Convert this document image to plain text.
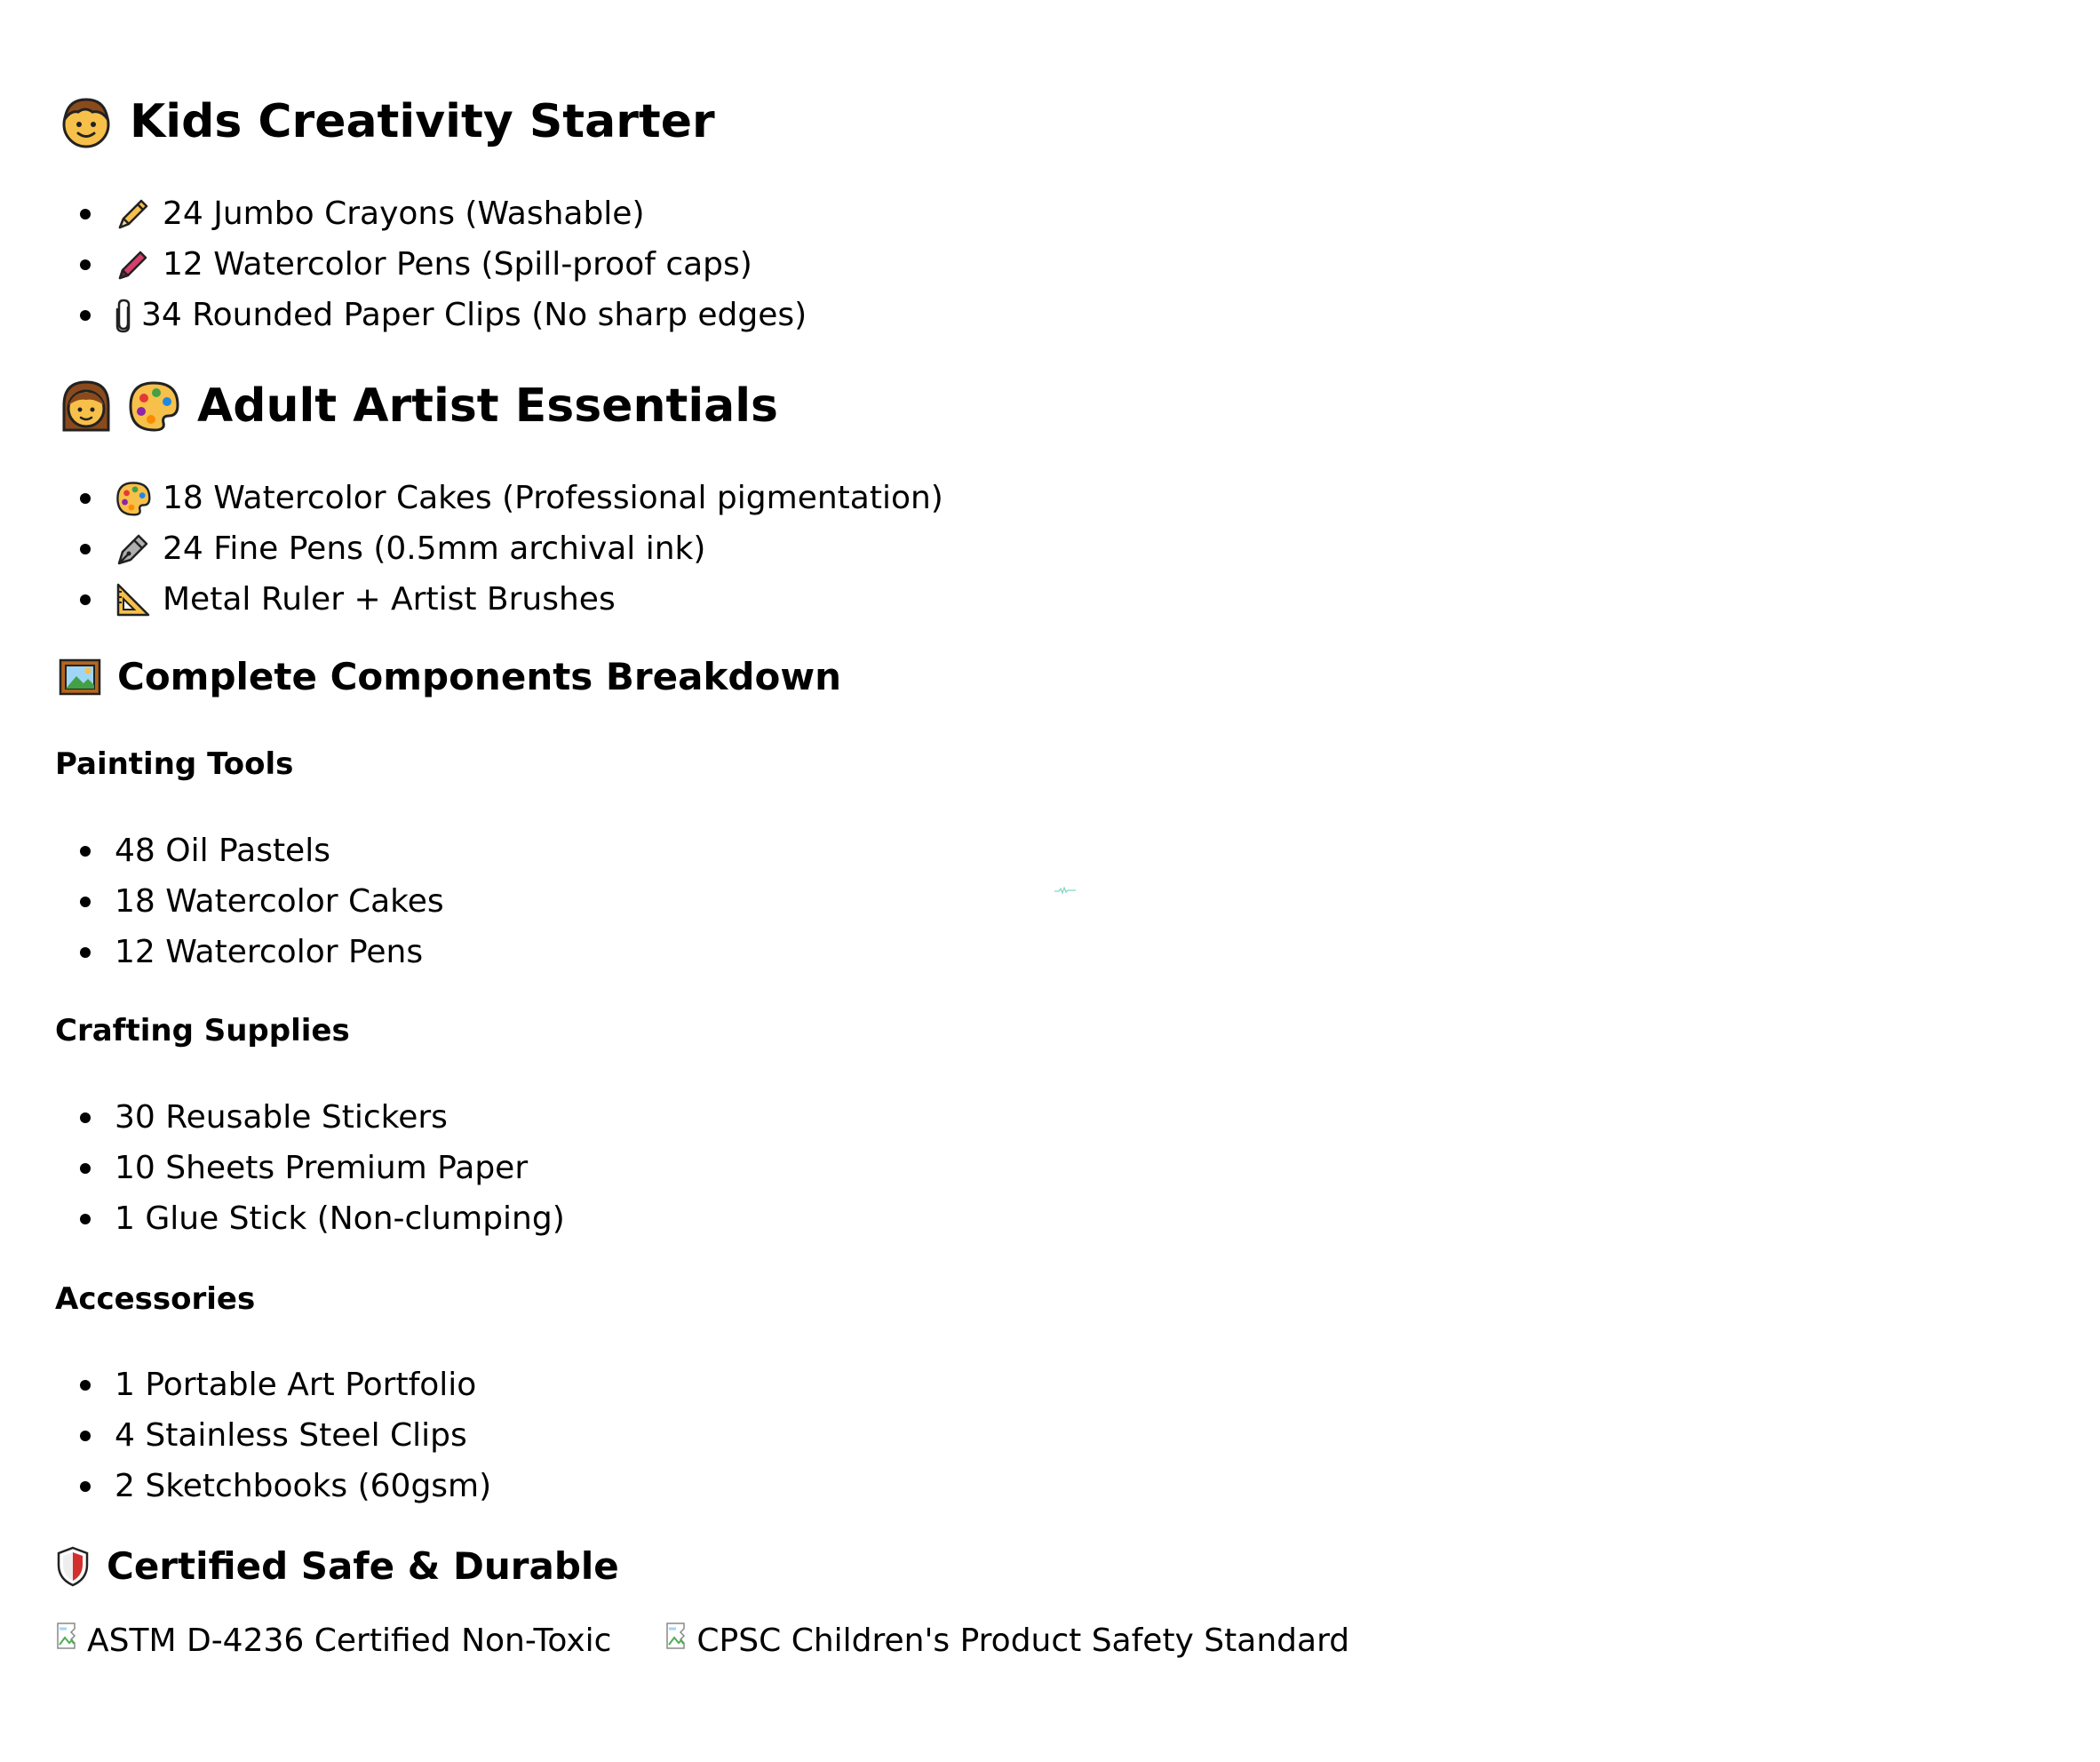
Kids Creativity Starter
24 Jumbo Crayons (Washable)
12 Watercolor Pens (Spill-proof caps)
34 Rounded Paper Clips (No sharp edges)
Adult Artist Essentials
18 Watercolor Cakes (Professional pigmentation)
24 Fine Pens (0.5mm archival ink)
Metal Ruler + Artist Brushes
Complete Components Breakdown
Painting Tools
48 Oil Pastels
18 Watercolor Cakes
12 Watercolor Pens
Crafting Supplies
30 Reusable Stickers
10 Sheets Premium Paper
1 Glue Stick (Non-clumping)
Accessories
1 Portable Art Portfolio
4 Stainless Steel Clips
2 Sketchbooks (60gsm)
Certified Safe & Durable
ASTM D-4236 Certified Non-Toxic	CPSC Children's Product Safety Standard
